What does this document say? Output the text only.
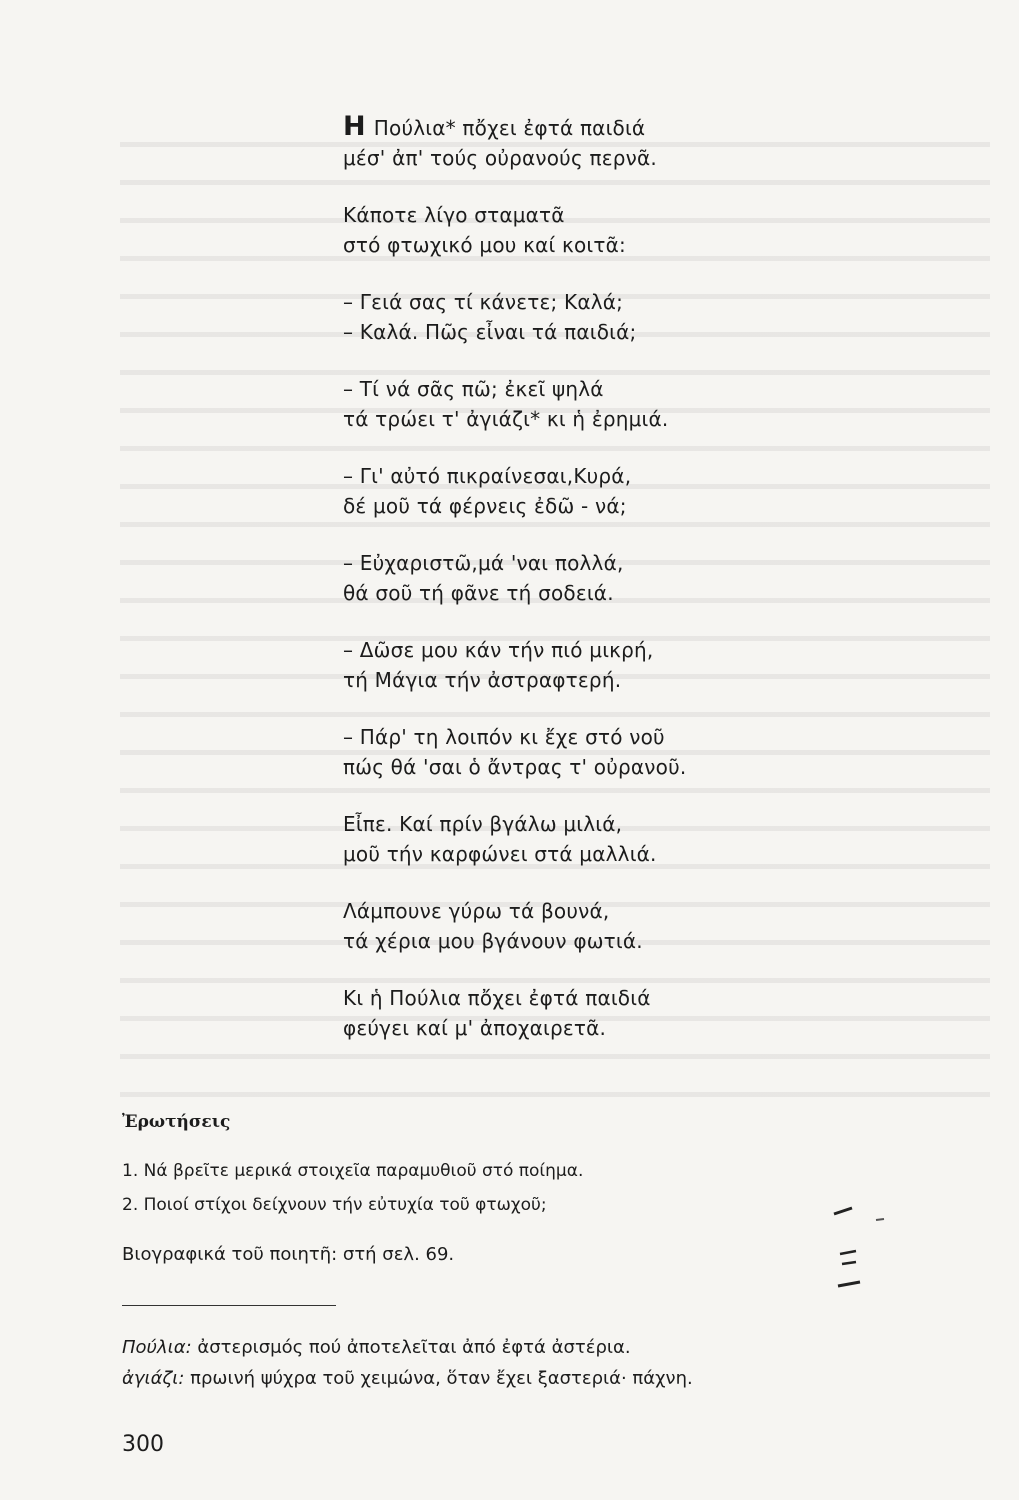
Η Πούλια* πὄχει ἐφτά παιδιά
μέσ' ἀπ' τούς οὐρανούς περνᾶ.
Κάποτε λίγο σταματᾶ
στό φτωχικό μου καί κοιτᾶ:
– Γειά σας τί κάνετε; Καλά;
– Καλά. Πῶς εἶναι τά παιδιά;
– Τί νά σᾶς πῶ; ἐκεῖ ψηλά
τά τρώει τ' ἀγιάζι* κι ἡ ἐρημιά.
– Γι' αὐτό πικραίνεσαι,Κυρά,
δέ μοῦ τά φέρνεις ἐδῶ - νά;
– Εὐχαριστῶ,μά 'ναι πολλά,
θά σοῦ τή φᾶνε τή σοδειά.
– Δῶσε μου κάν τήν πιό μικρή,
τή Μάγια τήν ἀστραφτερή.
– Πάρ' τη λοιπόν κι ἔχε στό νοῦ
πώς θά 'σαι ὁ ἄντρας τ' οὐρανοῦ.
Εἶπε. Καί πρίν βγάλω μιλιά,
μοῦ τήν καρφώνει στά μαλλιά.
Λάμπουνε γύρω τά βουνά,
τά χέρια μου βγάνουν φωτιά.
Κι ἡ Πούλια πὄχει ἐφτά παιδιά
φεύγει καί μ' ἀποχαιρετᾶ.
Ἐρωτήσεις
1. Νά βρεῖτε μερικά στοιχεῖα παραμυθιοῦ στό ποίημα.
2. Ποιοί στίχοι δείχνουν τήν εὐτυχία τοῦ φτωχοῦ;
Βιογραφικά τοῦ ποιητῆ: στή σελ. 69.
Πούλια: ἀστερισμός πού ἀποτελεῖται ἀπό ἐφτά ἀστέρια.
ἀγιάζι: πρωινή ψύχρα τοῦ χειμώνα, ὅταν ἔχει ξαστεριά· πάχνη.
300
